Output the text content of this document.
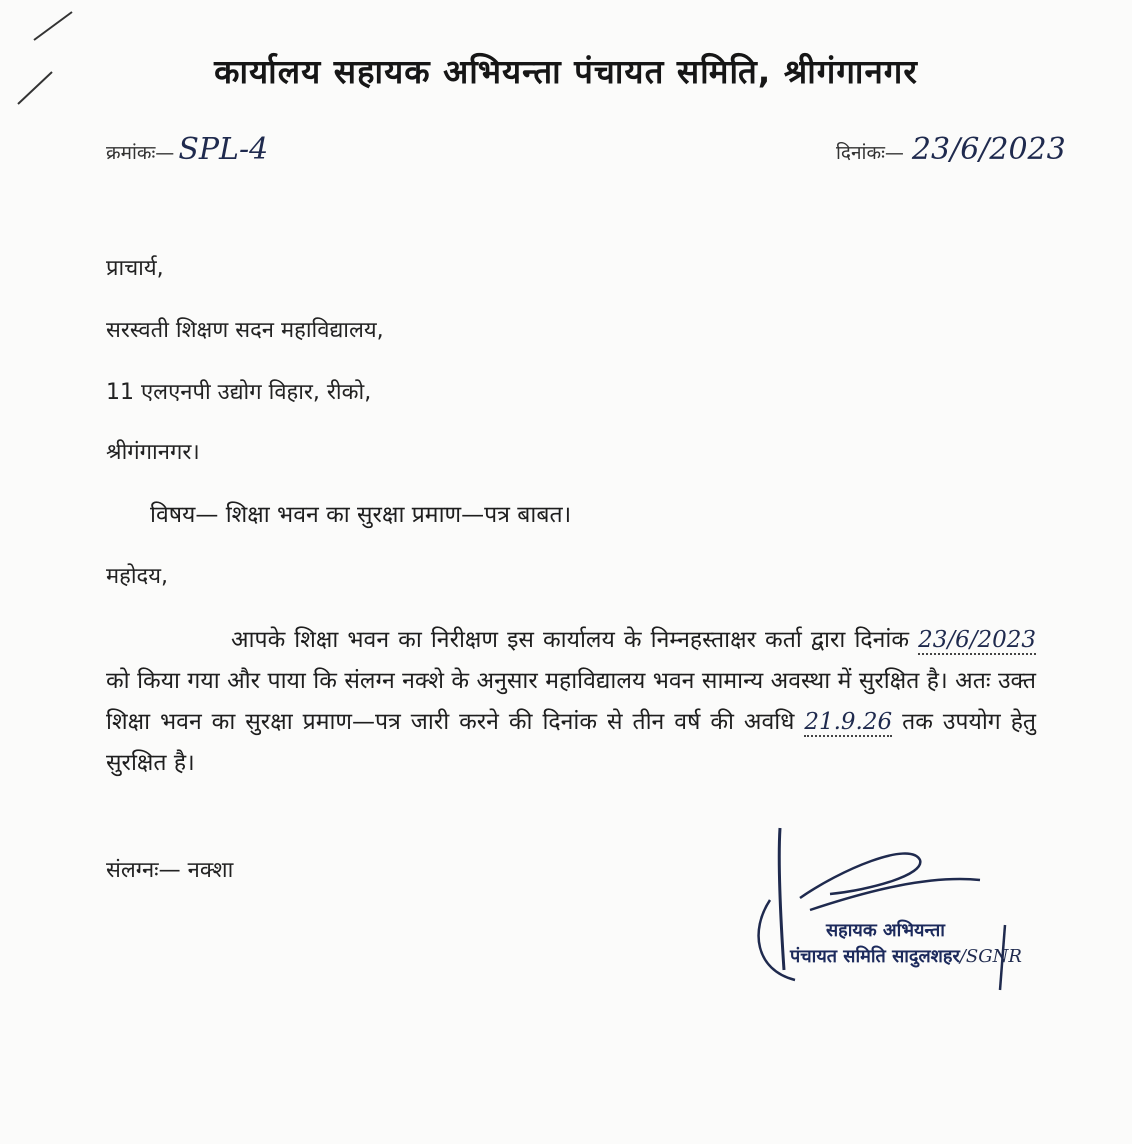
कार्यालय सहायक अभियन्ता पंचायत समिति, श्रीगंगानगर
क्रमांकः— SPL-4	दिनांकः— 23/6/2023
प्राचार्य,
सरस्वती शिक्षण सदन महाविद्यालय,
11 एलएनपी उद्योग विहार, रीको,
श्रीगंगानगर।
विषय— शिक्षा भवन का सुरक्षा प्रमाण—पत्र बाबत।
महोदय,
आपके शिक्षा भवन का निरीक्षण इस कार्यालय के निम्नहस्ताक्षर कर्ता द्वारा दिनांक 23/6/2023 को किया गया और पाया कि संलग्न नक्शे के अनुसार महाविद्यालय भवन सामान्य अवस्था में सुरक्षित है। अतः उक्त शिक्षा भवन का सुरक्षा प्रमाण—पत्र जारी करने की दिनांक से तीन वर्ष की अवधि 21.9.26 तक उपयोग हेतु सुरक्षित है।
संलग्नः— नक्शा
सहायक अभियन्ता
पंचायत समिति सादुलशहर/SGNR
